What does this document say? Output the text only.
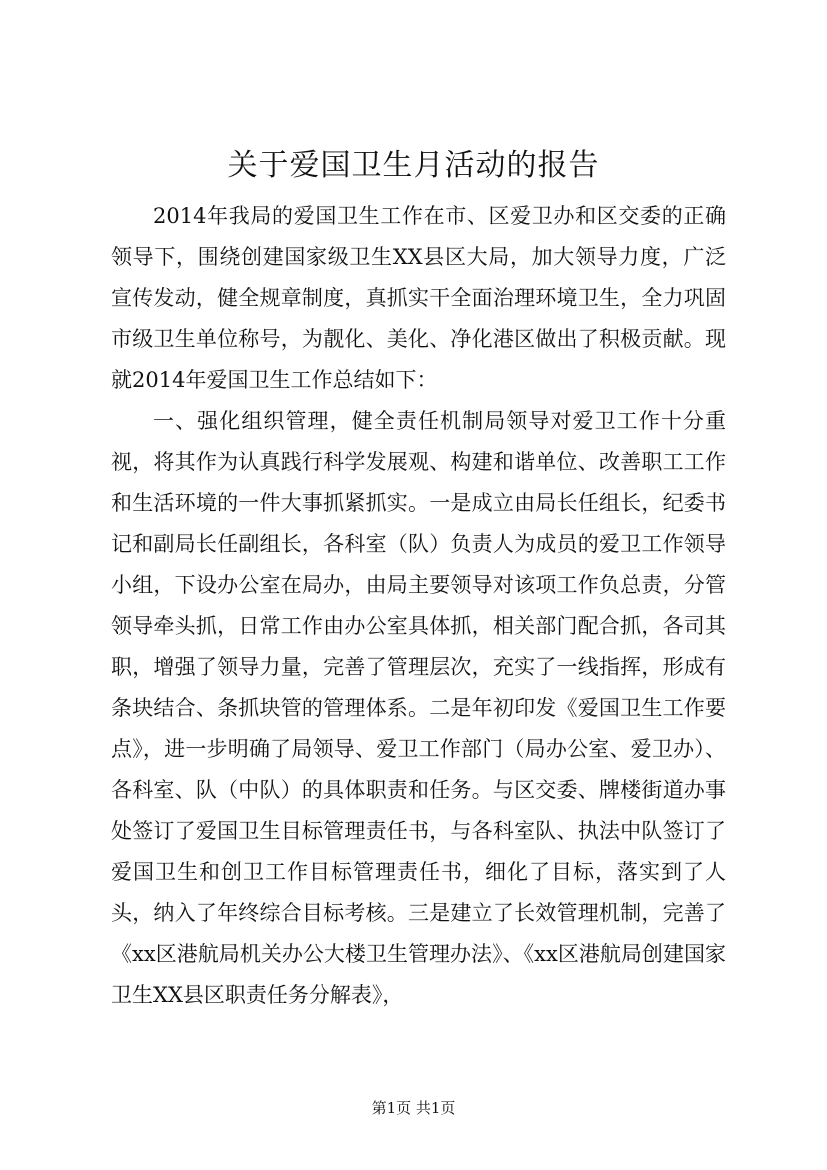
关于爱国卫生月活动的报告

2014年我局的爱国卫生工作在市、区爱卫办和区交委的正确领导下，围绕创建国家级卫生XX县区大局，加大领导力度，广泛宣传发动，健全规章制度，真抓实干全面治理环境卫生，全力巩固市级卫生单位称号，为靓化、美化、净化港区做出了积极贡献。现就2014年爱国卫生工作总结如下：

一、强化组织管理，健全责任机制局领导对爱卫工作十分重视，将其作为认真践行科学发展观、构建和谐单位、改善职工工作和生活环境的一件大事抓紧抓实。一是成立由局长任组长，纪委书记和副局长任副组长，各科室（队）负责人为成员的爱卫工作领导小组，下设办公室在局办，由局主要领导对该项工作负总责，分管领导牵头抓，日常工作由办公室具体抓，相关部门配合抓，各司其职，增强了领导力量，完善了管理层次，充实了一线指挥，形成有条块结合、条抓块管的管理体系。二是年初印发《爱国卫生工作要点》，进一步明确了局领导、爱卫工作部门（局办公室、爱卫办）、各科室、队（中队）的具体职责和任务。与区交委、牌楼街道办事处签订了爱国卫生目标管理责任书，与各科室队、执法中队签订了爱国卫生和创卫工作目标管理责任书，细化了目标，落实到了人头，纳入了年终综合目标考核。三是建立了长效管理机制，完善了《xx区港航局机关办公大楼卫生管理办法》、《xx区港航局创建国家卫生XX县区职责任务分解表》，

第1页 共1页
